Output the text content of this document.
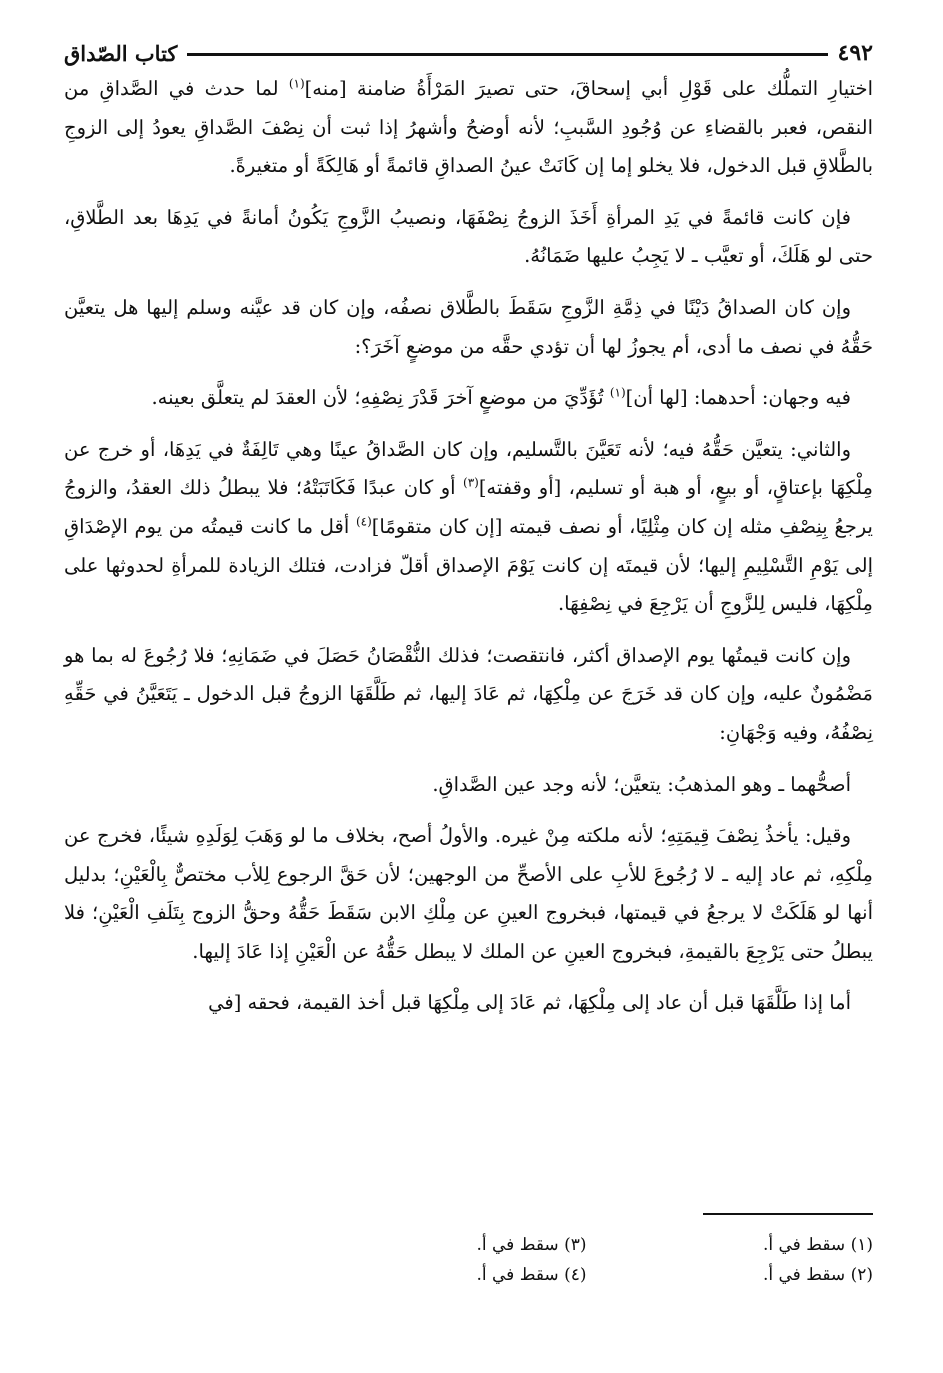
٤٩٢
كتاب الصّداق

اختيارِ التملُّك على قَوْلِ أبي إسحاقَ، حتى تصيرَ المَرْأَةُ ضامنة [منه]$^{(١)}$ لما حدث في الصَّداقِ من النقص، فعبر بالقضاءِ عن وُجُودِ السَّببِ؛ لأنه أوضحُ وأشهرُ إذا ثبت أن نِصْفَ الصَّداقِ يعودُ إلى الزوجِ بالطَّلاقِ قبل الدخول، فلا يخلو إما إن كَانَتْ عينُ الصداقِ قائمةً أو هَالِكَةً أو متغيرةً.

فإن كانت قائمةً في يَدِ المرأةِ أَخَذَ الزوجُ نِصْفَهَا، ونصيبُ الزَّوجِ يَكُونُ أمانةً في يَدِهَا بعد الطَّلاقِ، حتى لو هَلَكَ، أو تعيَّب ـ لا يَجِبُ عليها ضَمَانُهُ.

وإن كان الصداقُ دَيْنًا في ذِمَّةِ الزَّوجِ سَقَطَ بالطَّلاق نصفُه، وإن كان قد عيَّنه وسلم إليها هل يتعيَّن حَقُّهُ في نصف ما أدى، أم يجوزُ لها أن تؤدي حقَّه من موضعٍ آخَرَ؟:

فيه وجهان: أحدهما: [لها أن]$^{(١)}$ تُؤَدِّيَ من موضعٍ آخرَ قَدْرَ نِصْفِهِ؛ لأن العقدَ لم يتعلَّق بعينه.

والثاني: يتعيَّن حَقُّهُ فيه؛ لأنه تَعَيَّنَ بالتَّسليم، وإن كان الصَّداقُ عينًا وهي تَالِفَةٌ في يَدِهَا، أو خرج عن مِلْكِهَا بإعتاقٍ، أو بيعٍ، أو هبة أو تسليم، [أو وقفته]$^{(٣)}$ أو كان عبدًا فَكَاتَبَتْهُ؛ فلا يبطلُ ذلك العقدُ، والزوجُ يرجعُ بِنِصْفِ مثله إن كان مِثْلِيًا، أو نصف قيمته [إن كان متقومًا]$^{(٤)}$ أقل ما كانت قيمتُه من يوم الإصْدَاقِ إلى يَوْمِ التَّسْلِيمِ إليها؛ لأن قيمتَه إن كانت يَوْمَ الإصداق أقلّ فزادت، فتلك الزيادة للمرأةِ لحدوثها على مِلْكِهَا، فليس لِلزَّوجِ أن يَرْجِعَ في نِصْفِهَا.

وإن كانت قيمتُها يوم الإصداق أكثر، فانتقصت؛ فذلك النُّقْصَانُ حَصَلَ في ضَمَانِهِ؛ فلا رُجُوعَ له بما هو مَضْمُونٌ عليه، وإن كان قد خَرَجَ عن مِلْكِهَا، ثم عَادَ إليها، ثم طَلَّقَهَا الزوجُ قبل الدخول ـ يَتَعَيَّنُ في حَقِّهِ نِصْفُهُ، وفيه وَجْهَانِ:

أصحُّهما ـ وهو المذهبُ: يتعيَّن؛ لأنه وجد عين الصَّداقِ.

وقيل: يأخذُ نِصْفَ قِيمَتِهِ؛ لأنه ملكته مِنْ غيره. والأولُ أصح، بخلاف ما لو وَهَبَ لِوَلَدِهِ شيئًا، فخرج عن مِلْكِهِ، ثم عاد إليه ـ لا رُجُوعَ للأبِ على الأصحِّ من الوجهين؛ لأن حَقَّ الرجوع لِلأب مختصٌّ بِالْعَيْنِ؛ بدليل أنها لو هَلَكَتْ لا يرجعُ في قيمتها، فبخروج العينِ عن مِلْكِ الابن سَقَطَ حَقُّهُ وحقُّ الزوج بِتَلَفِ الْعَيْنِ؛ فلا يبطلُ حتى يَرْجِعَ بالقيمةِ، فبخروج العينِ عن الملك لا يبطل حَقُّهُ عن الْعَيْنِ إذا عَادَ إليها.

أما إذا طَلَّقَهَا قبل أن عاد إلى مِلْكِهَا، ثم عَادَ إلى مِلْكِهَا قبل أخذ القيمة، فحقه [في

(١) سقط في أ.
(٣) سقط في أ.
(٢) سقط في أ.
(٤) سقط في أ.
